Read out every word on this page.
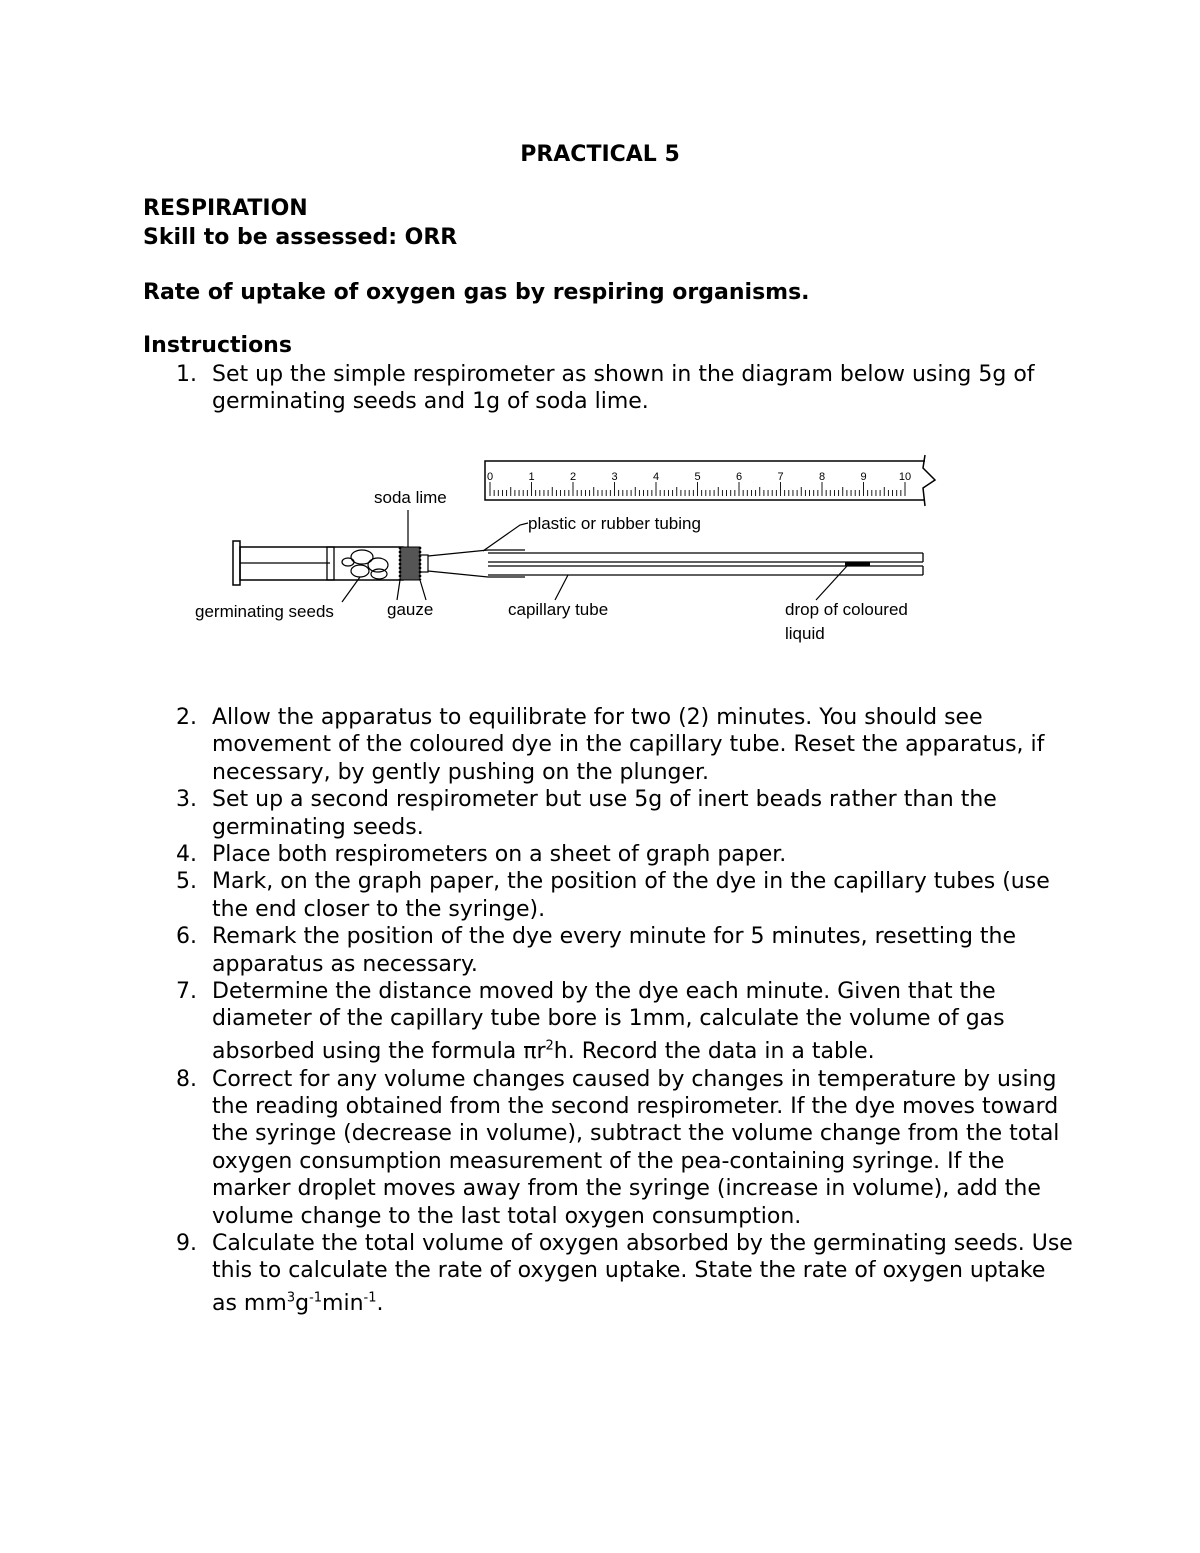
PRACTICAL 5
RESPIRATION
Skill to be assessed: ORR
Rate of uptake of oxygen gas by respiring organisms.
Instructions
1. Set up the simple respirometer as shown in the diagram below using 5g of germinating seeds and 1g of soda lime.
0	1	2	3	4	5	6	7	8	9	10
soda lime
plastic or rubber tubing
germinating seeds	gauze	capillary tube	drop of coloured
liquid
2. Allow the apparatus to equilibrate for two (2) minutes. You should see movement of the coloured dye in the capillary tube. Reset the apparatus, if necessary, by gently pushing on the plunger.
3. Set up a second respirometer but use 5g of inert beads rather than the germinating seeds.
4. Place both respirometers on a sheet of graph paper.
5. Mark, on the graph paper, the position of the dye in the capillary tubes (use the end closer to the syringe).
6. Remark the position of the dye every minute for 5 minutes, resetting the apparatus as necessary.
7. Determine the distance moved by the dye each minute. Given that the diameter of the capillary tube bore is 1mm, calculate the volume of gas absorbed using the formula $\pi r^2h$. Record the data in a table.
8. Correct for any volume changes caused by changes in temperature by using the reading obtained from the second respirometer. If the dye moves toward the syringe (decrease in volume), subtract the volume change from the total oxygen consumption measurement of the pea-containing syringe. If the marker droplet moves away from the syringe (increase in volume), add the volume change to the last total oxygen consumption.
9. Calculate the total volume of oxygen absorbed by the germinating seeds. Use this to calculate the rate of oxygen uptake. State the rate of oxygen uptake as $mm^3g^{-1}\min^{-1}$.
